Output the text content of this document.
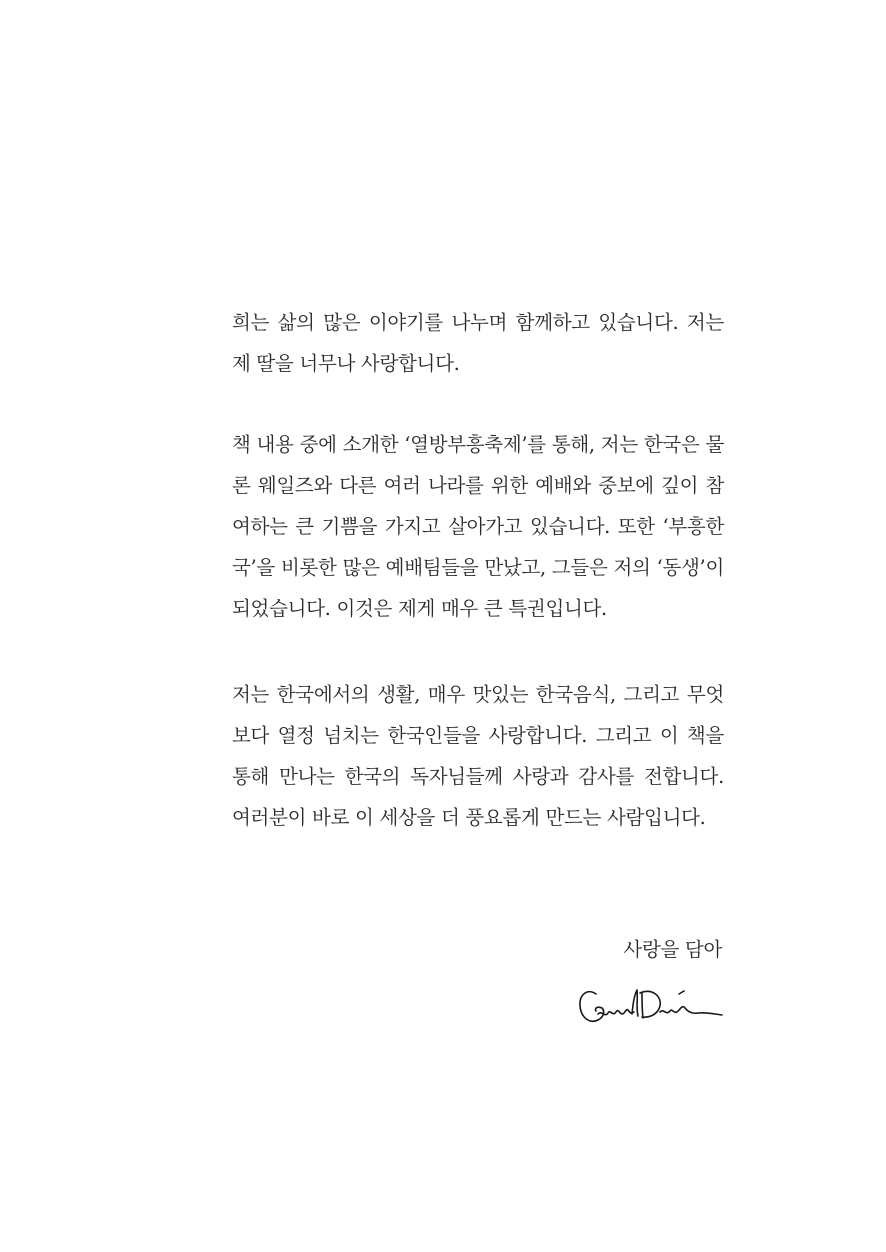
희는 삶의 많은 이야기를 나누며 함께하고 있습니다. 저는
제 딸을 너무나 사랑합니다.
책 내용 중에 소개한 ‘열방부흥축제’를 통해, 저는 한국은 물
론 웨일즈와 다른 여러 나라를 위한 예배와 중보에 깊이 참
여하는 큰 기쁨을 가지고 살아가고 있습니다. 또한 ‘부흥한
국’을 비롯한 많은 예배팀들을 만났고, 그들은 저의 ‘동생’이
되었습니다. 이것은 제게 매우 큰 특권입니다.
저는 한국에서의 생활, 매우 맛있는 한국음식, 그리고 무엇
보다 열정 넘치는 한국인들을 사랑합니다. 그리고 이 책을
통해 만나는 한국의 독자님들께 사랑과 감사를 전합니다.
여러분이 바로 이 세상을 더 풍요롭게 만드는 사람입니다.
사랑을 담아
